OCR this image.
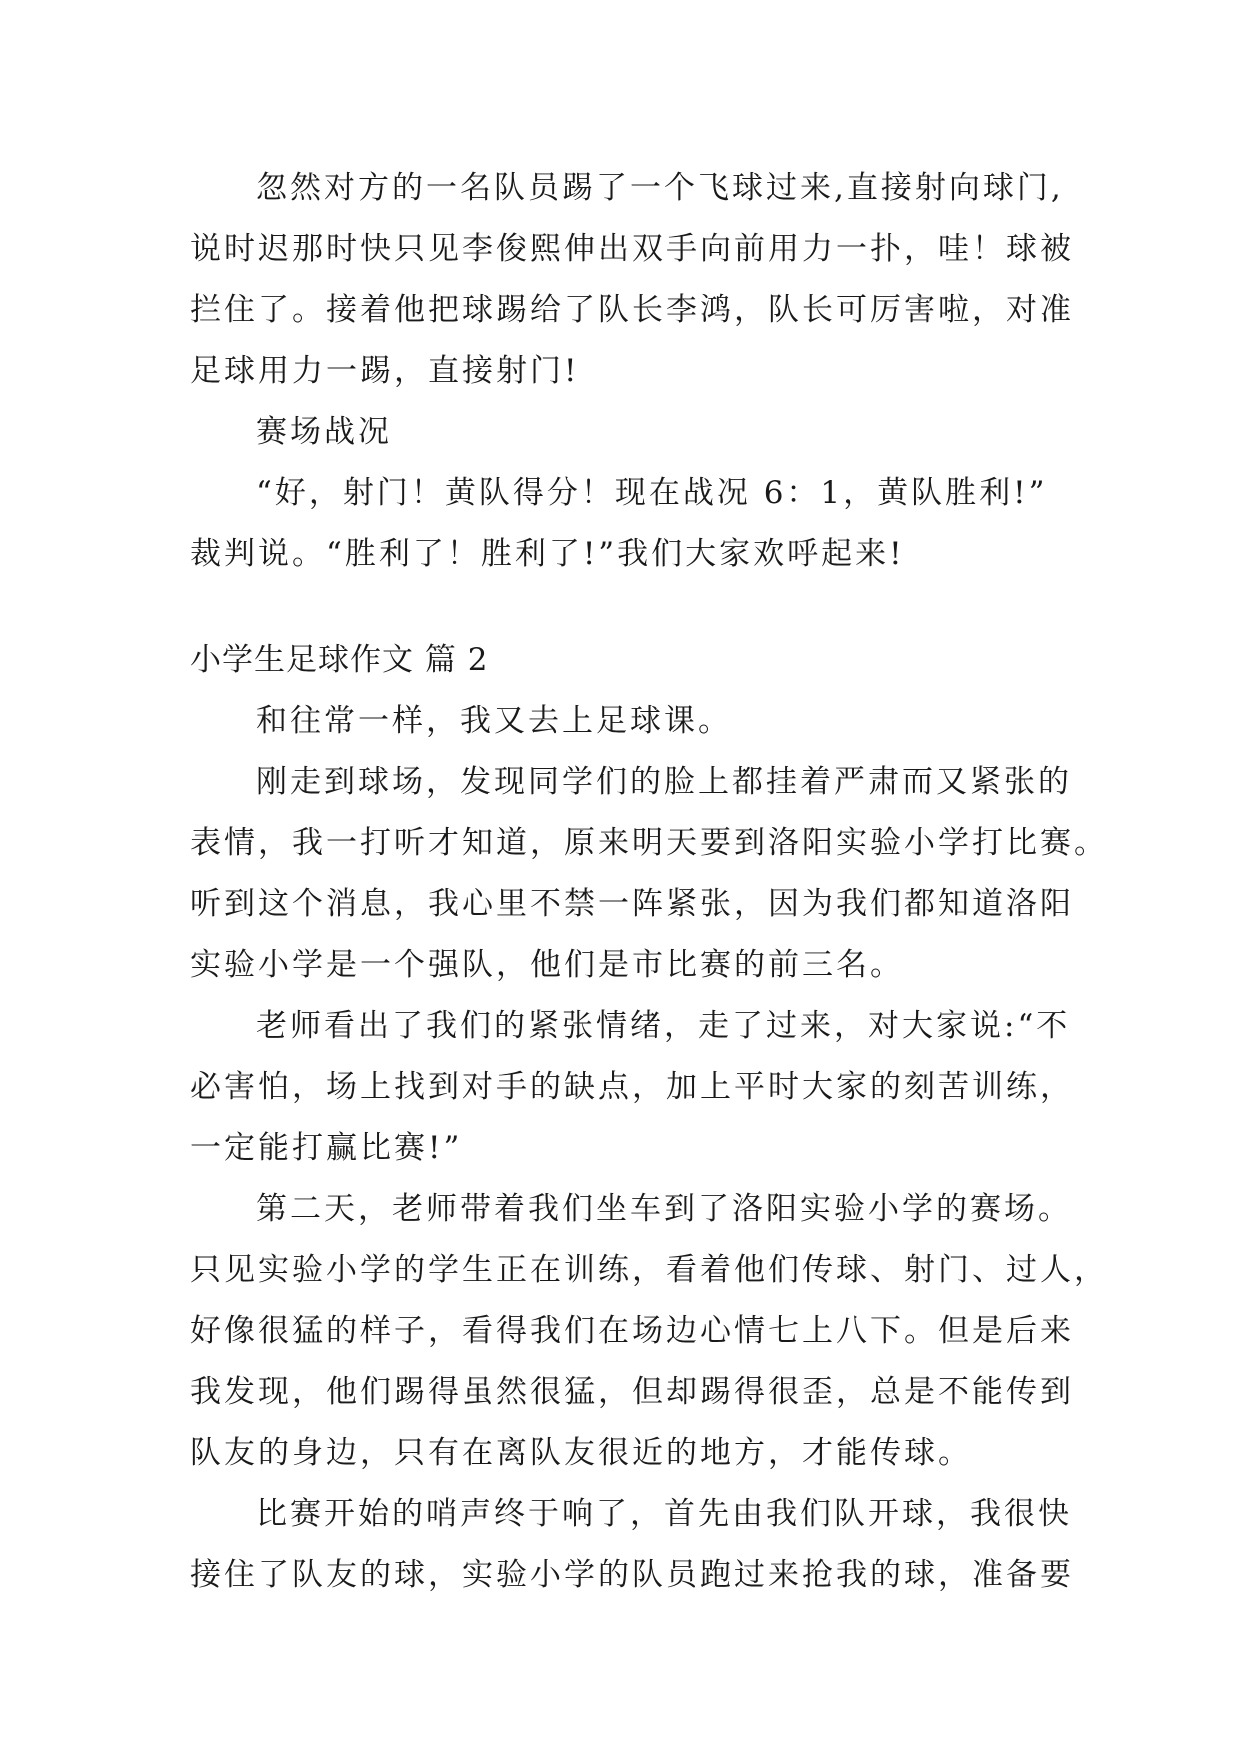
忽然对方的一名队员踢了一个飞球过来,直接射向球门,
说时迟那时快只见李俊熙伸出双手向前用力一扑，哇！球被
拦住了。接着他把球踢给了队长李鸿，队长可厉害啦，对准
足球用力一踢，直接射门!
赛场战况
“好，射门！黄队得分！现在战况 6：1，黄队胜利!”
裁判说。“胜利了！胜利了!”我们大家欢呼起来!
小学生足球作文 篇 2
和往常一样，我又去上足球课。
刚走到球场，发现同学们的脸上都挂着严肃而又紧张的
表情，我一打听才知道，原来明天要到洛阳实验小学打比赛。
听到这个消息，我心里不禁一阵紧张，因为我们都知道洛阳
实验小学是一个强队，他们是市比赛的前三名。
老师看出了我们的紧张情绪，走了过来，对大家说:“不
必害怕，场上找到对手的缺点，加上平时大家的刻苦训练，
一定能打赢比赛!”
第二天，老师带着我们坐车到了洛阳实验小学的赛场。
只见实验小学的学生正在训练，看着他们传球、射门、过人，
好像很猛的样子，看得我们在场边心情七上八下。但是后来
我发现，他们踢得虽然很猛，但却踢得很歪，总是不能传到
队友的身边，只有在离队友很近的地方，才能传球。
比赛开始的哨声终于响了，首先由我们队开球，我很快
接住了队友的球，实验小学的队员跑过来抢我的球，准备要
